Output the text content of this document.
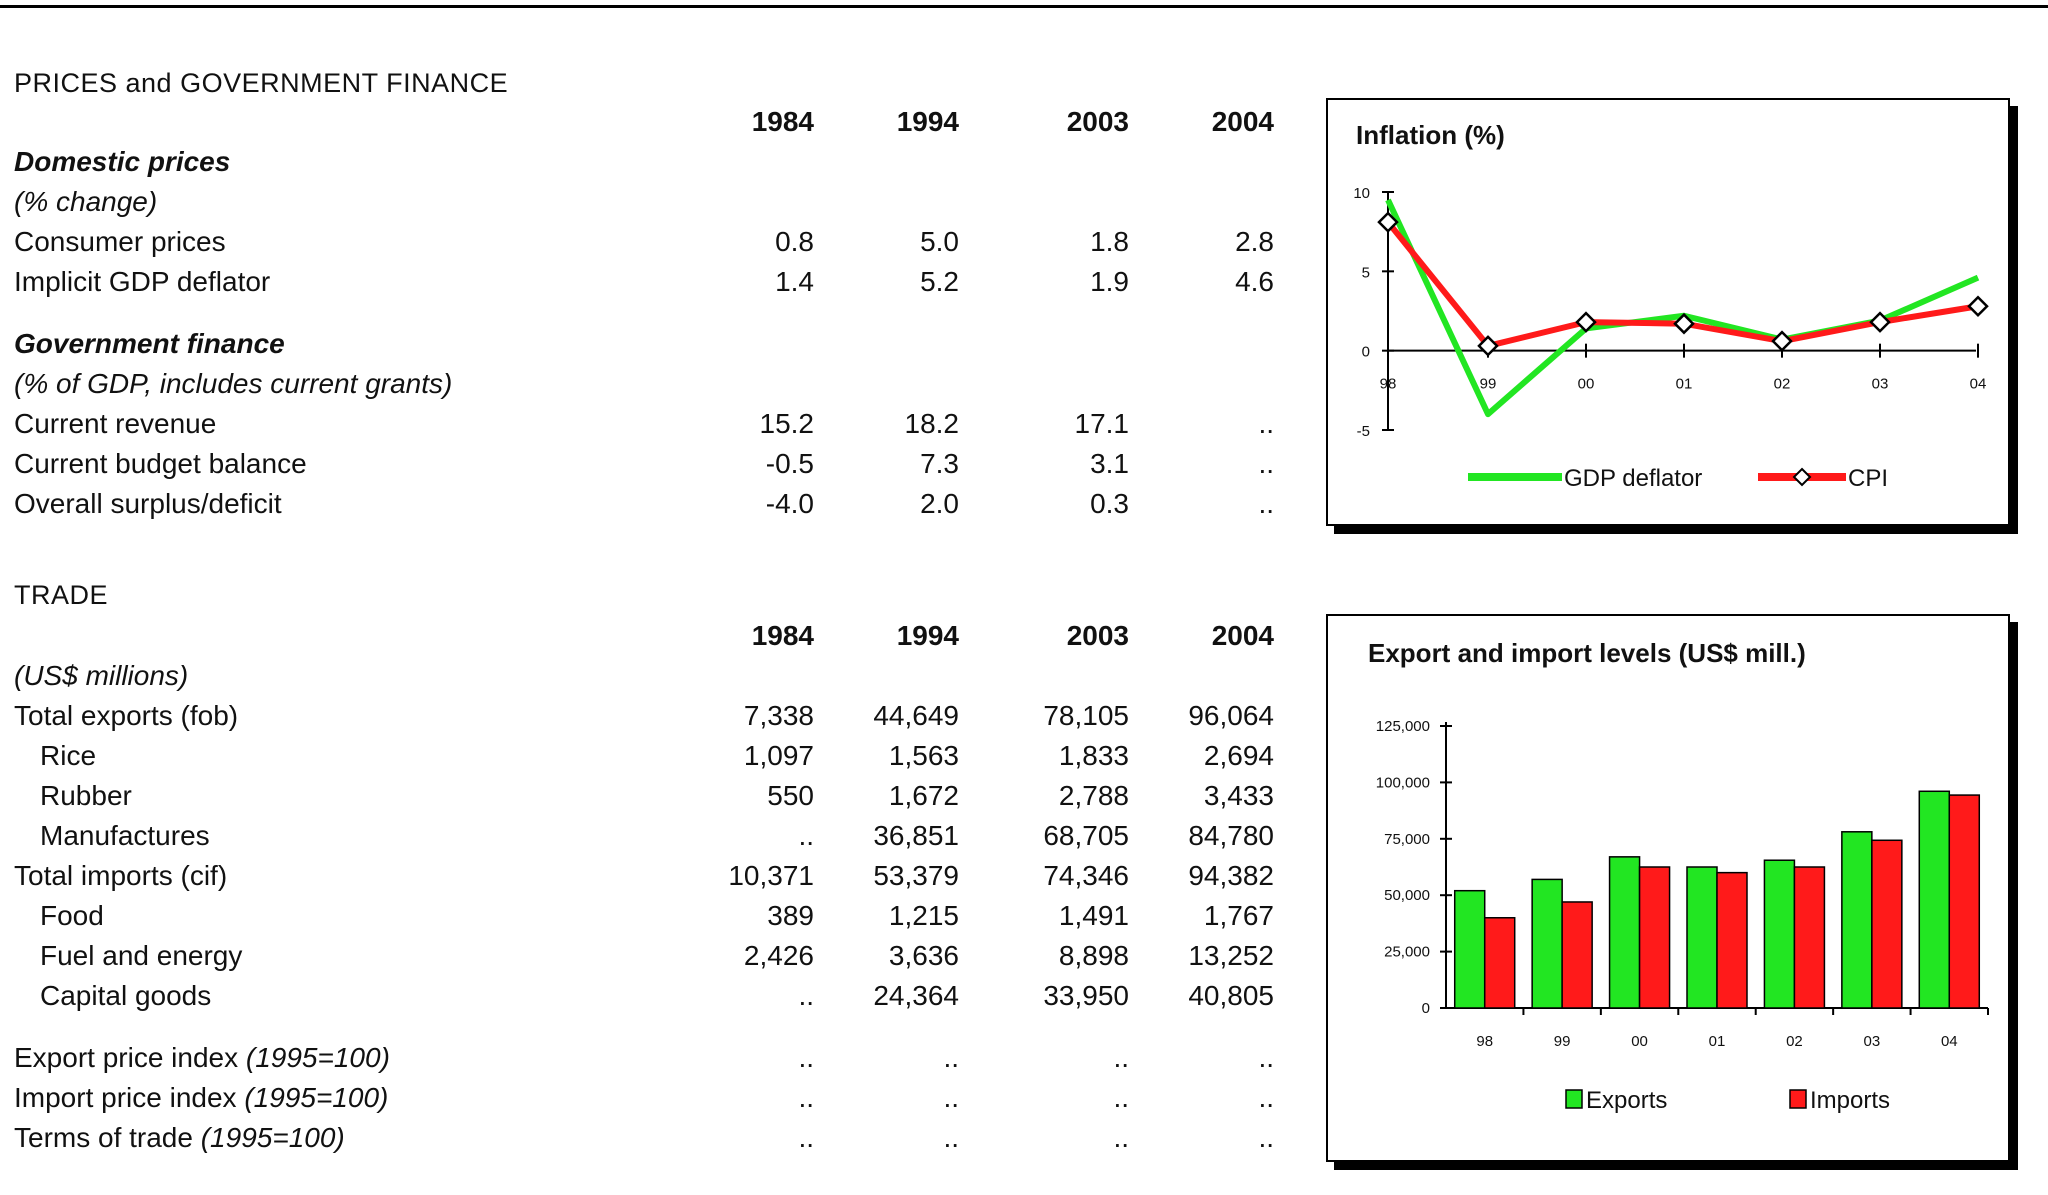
PRICES and GOVERNMENT FINANCE
1984	1994	2003	2004
Domestic prices
(% change)
Consumer prices	0.8	5.0	1.8	2.8
Implicit GDP deflator	1.4	5.2	1.9	4.6
Government finance
(% of GDP, includes current grants)
Current revenue	15.2	18.2	17.1	..
Current budget balance	-0.5	7.3	3.1	..
Overall surplus/deficit	-4.0	2.0	0.3	..
TRADE
1984	1994	2003	2004
(US$ millions)
Total exports (fob)	7,338	44,649	78,105	96,064
Rice	1,097	1,563	1,833	2,694
Rubber	550	1,672	2,788	3,433
Manufactures	..	36,851	68,705	84,780
Total imports (cif)	10,371	53,379	74,346	94,382
Food	389	1,215	1,491	1,767
Fuel and energy	2,426	3,636	8,898	13,252
Capital goods	..	24,364	33,950	40,805
Export price index (1995=100)	..	..	..	..
Import price index (1995=100)	..	..	..	..
Terms of trade (1995=100)	..	..	..	..
Inflation (%)
-5
0
5
10
98	99	00	01	02	03	04
GDP deflator	CPI
Export and import levels (US$ mill.)
0
25,000
50,000
75,000
100,000
125,000
98	99	00	01	02	03	04
Exports	Imports
